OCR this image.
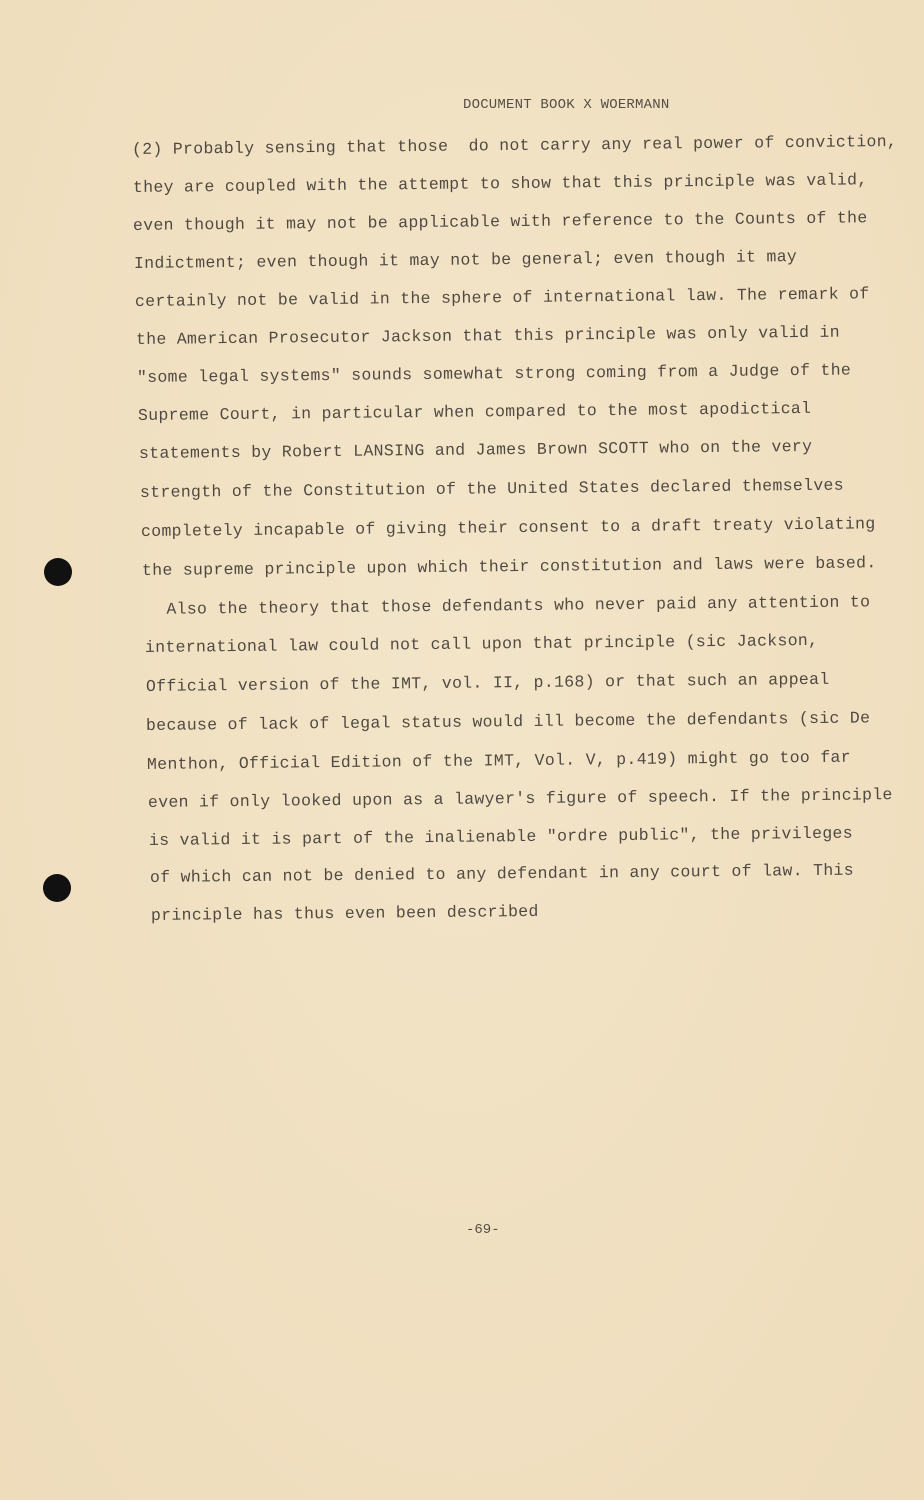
DOCUMENT BOOK X WOERMANN
(2) Probably sensing that those  do not carry any real power of conviction,
they are coupled with the attempt to show that this principle was valid,
even though it may not be applicable with reference to the Counts of the
Indictment; even though it may not be general; even though it may
certainly not be valid in the sphere of international law. The remark of
the American Prosecutor Jackson that this principle was only valid in
"some legal systems" sounds somewhat strong coming from a Judge of the
Supreme Court, in particular when compared to the most apodictical
statements by Robert LANSING and James Brown SCOTT who on the very
strength of the Constitution of the United States declared themselves
completely incapable of giving their consent to a draft treaty violating
the supreme principle upon which their constitution and laws were based.
Also the theory that those defendants who never paid any attention to
international law could not call upon that principle (sic Jackson,
Official version of the IMT, vol. II, p.168) or that such an appeal
because of lack of legal status would ill become the defendants (sic De
Menthon, Official Edition of the IMT, Vol. V, p.419) might go too far
even if only looked upon as a lawyer's figure of speech. If the principle
is valid it is part of the inalienable "ordre public", the privileges
of which can not be denied to any defendant in any court of law. This
principle has thus even been described
-69-
